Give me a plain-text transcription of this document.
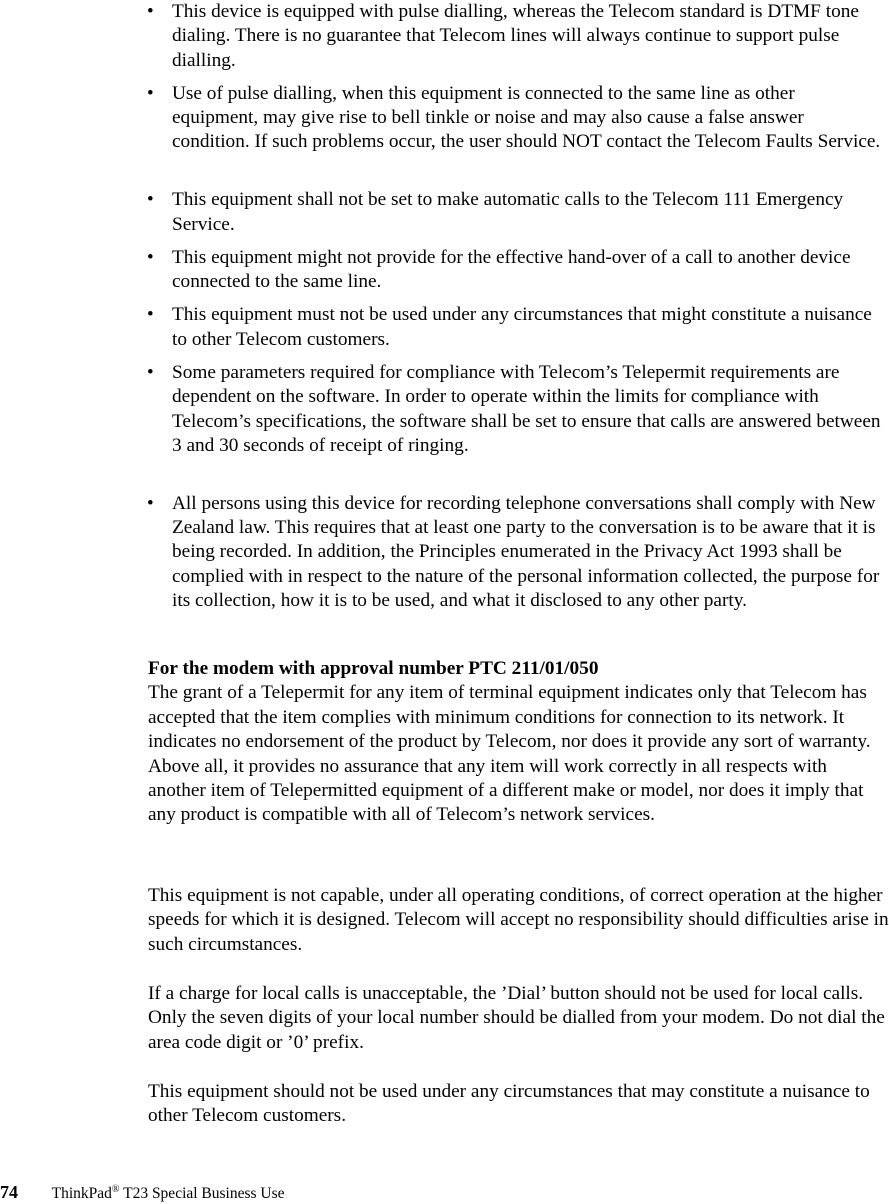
• This device is equipped with pulse dialling, whereas the Telecom standard is DTMF tone dialing. There is no guarantee that Telecom lines will always continue to support pulse dialling.
• Use of pulse dialling, when this equipment is connected to the same line as other equipment, may give rise to bell tinkle or noise and may also cause a false answer condition. If such problems occur, the user should NOT contact the Telecom Faults Service.
• This equipment shall not be set to make automatic calls to the Telecom 111 Emergency Service.
• This equipment might not provide for the effective hand-over of a call to another device connected to the same line.
• This equipment must not be used under any circumstances that might constitute a nuisance to other Telecom customers.
• Some parameters required for compliance with Telecom’s Telepermit requirements are dependent on the software. In order to operate within the limits for compliance with Telecom’s specifications, the software shall be set to ensure that calls are answered between 3 and 30 seconds of receipt of ringing.
• All persons using this device for recording telephone conversations shall comply with New Zealand law. This requires that at least one party to the conversation is to be aware that it is being recorded. In addition, the Principles enumerated in the Privacy Act 1993 shall be complied with in respect to the nature of the personal information collected, the purpose for its collection, how it is to be used, and what it disclosed to any other party.
For the modem with approval number PTC 211/01/050
The grant of a Telepermit for any item of terminal equipment indicates only that Telecom has accepted that the item complies with minimum conditions for connection to its network. It indicates no endorsement of the product by Telecom, nor does it provide any sort of warranty. Above all, it provides no assurance that any item will work correctly in all respects with another item of Telepermitted equipment of a different make or model, nor does it imply that any product is compatible with all of Telecom’s network services.

This equipment is not capable, under all operating conditions, of correct operation at the higher speeds for which it is designed. Telecom will accept no responsibility should difficulties arise in such circumstances.

If a charge for local calls is unacceptable, the ’Dial’ button should not be used for local calls. Only the seven digits of your local number should be dialled from your modem. Do not dial the area code digit or ’0’ prefix.

This equipment should not be used under any circumstances that may constitute a nuisance to other Telecom customers.

74 ThinkPad® T23 Special Business Use
